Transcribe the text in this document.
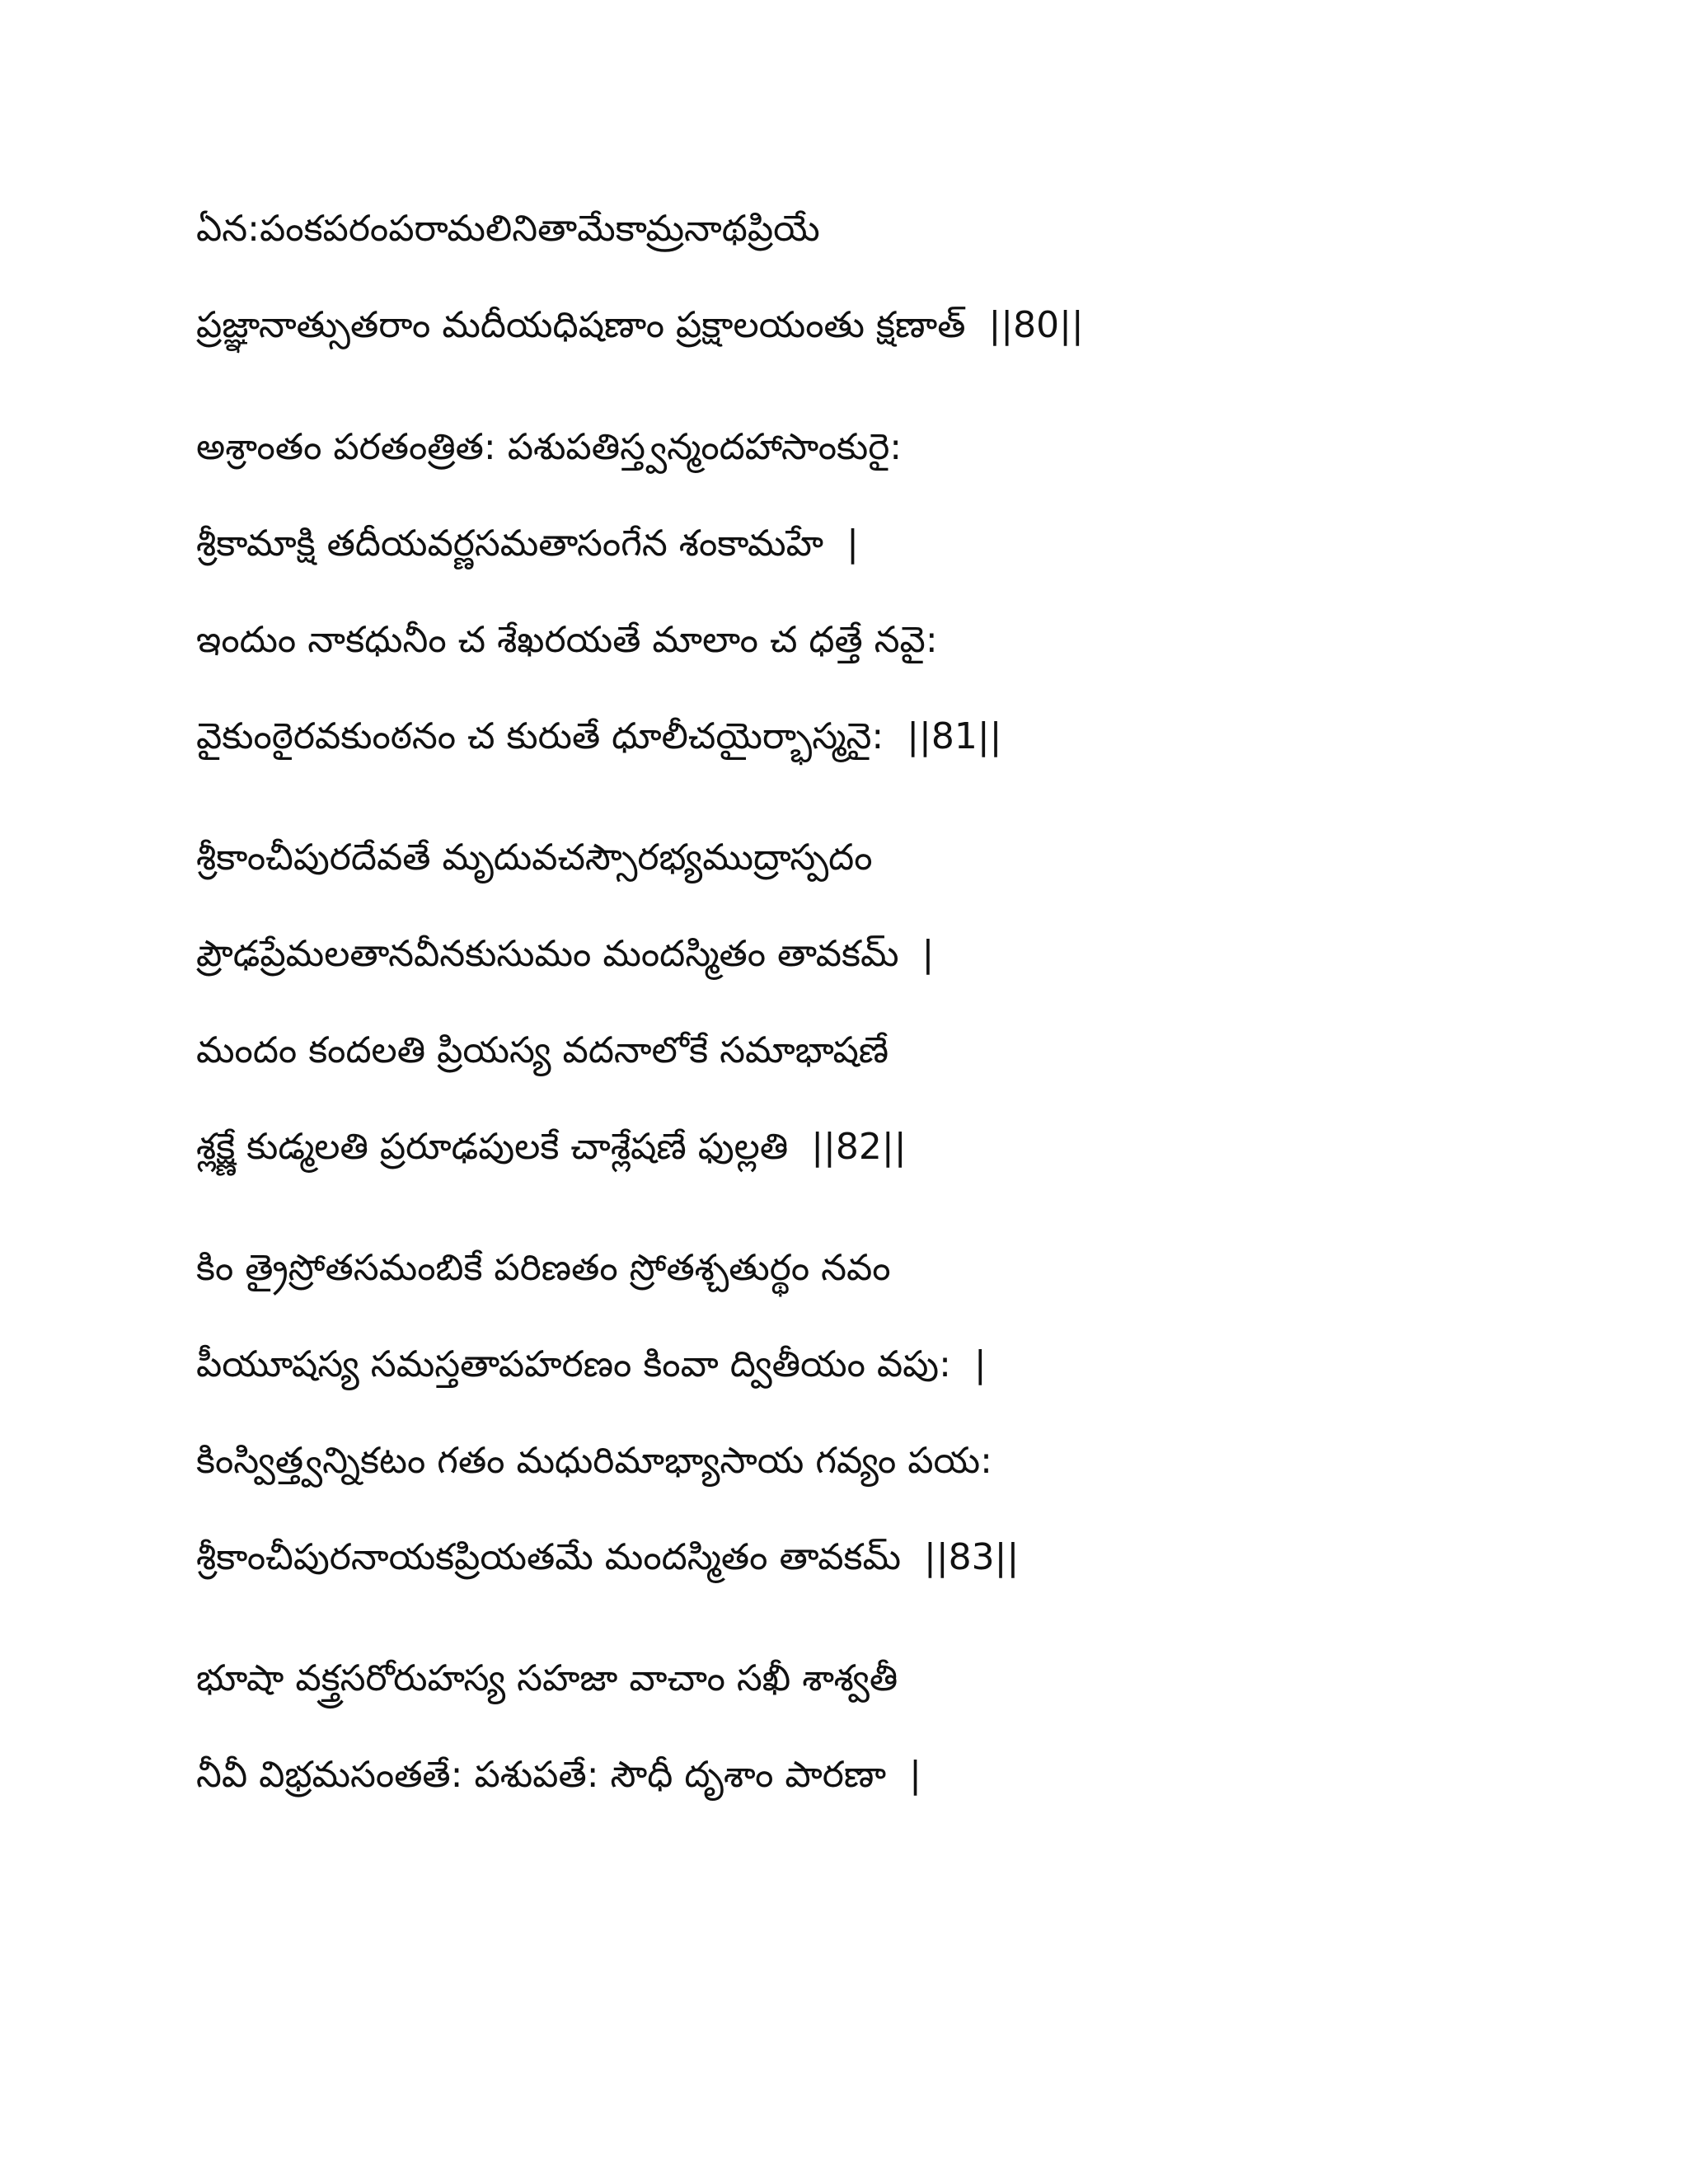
ఏన:పంకపరంపరామలినితామేకామ్రనాథప్రియే
ప్రజ్ఞానాత్సుతరాం మదీయధిషణాం ప్రక్షాలయంతు క్షణాత్ ||80||
అశ్రాంతం పరతంత్రిత: పశుపతిస్త్వన్మందహాసాంకురై:
శ్రీకామాక్షి తదీయవర్ణసమతాసంగేన శంకామహే |
ఇందుం నాకధునీం చ శేఖరయతే మాలాం చ ధత్తే నవై:
వైకుంఠైరవకుంఠనం చ కురుతే ధూలీచయైర్భాస్మనై: ||81||
శ్రీకాంచీపురదేవతే మృదువచస్సౌరభ్యముద్రాస్పదం
ప్రౌఢప్రేమలతానవీనకుసుమం మందస్మితం తావకమ్ |
మందం కందలతి ప్రియస్య వదనాలోకే సమాభాషణే
శ్లక్ష్ణే కుడ్మలతి ప్రరూఢపులకే చాశ్లేషణే ఫుల్లతి ||82||
కిం త్రైస్రోతసమంబికే పరిణతం స్రోతశ్చతుర్థం నవం
పీయూషస్య సమస్తతాపహరణం కింవా ద్వితీయం వపు: |
కింస్విత్త్వన్నికటం గతం మధురిమాభ్యాసాయ గవ్యం పయ:
శ్రీకాంచీపురనాయకప్రియతమే మందస్మితం తావకమ్ ||83||
భూషా వక్త్రసరోరుహస్య సహజా వాచాం సఖీ శాశ్వతీ
నీవీ విభ్రమసంతతే: పశుపతే: సౌధీ దృశాం పారణా |
